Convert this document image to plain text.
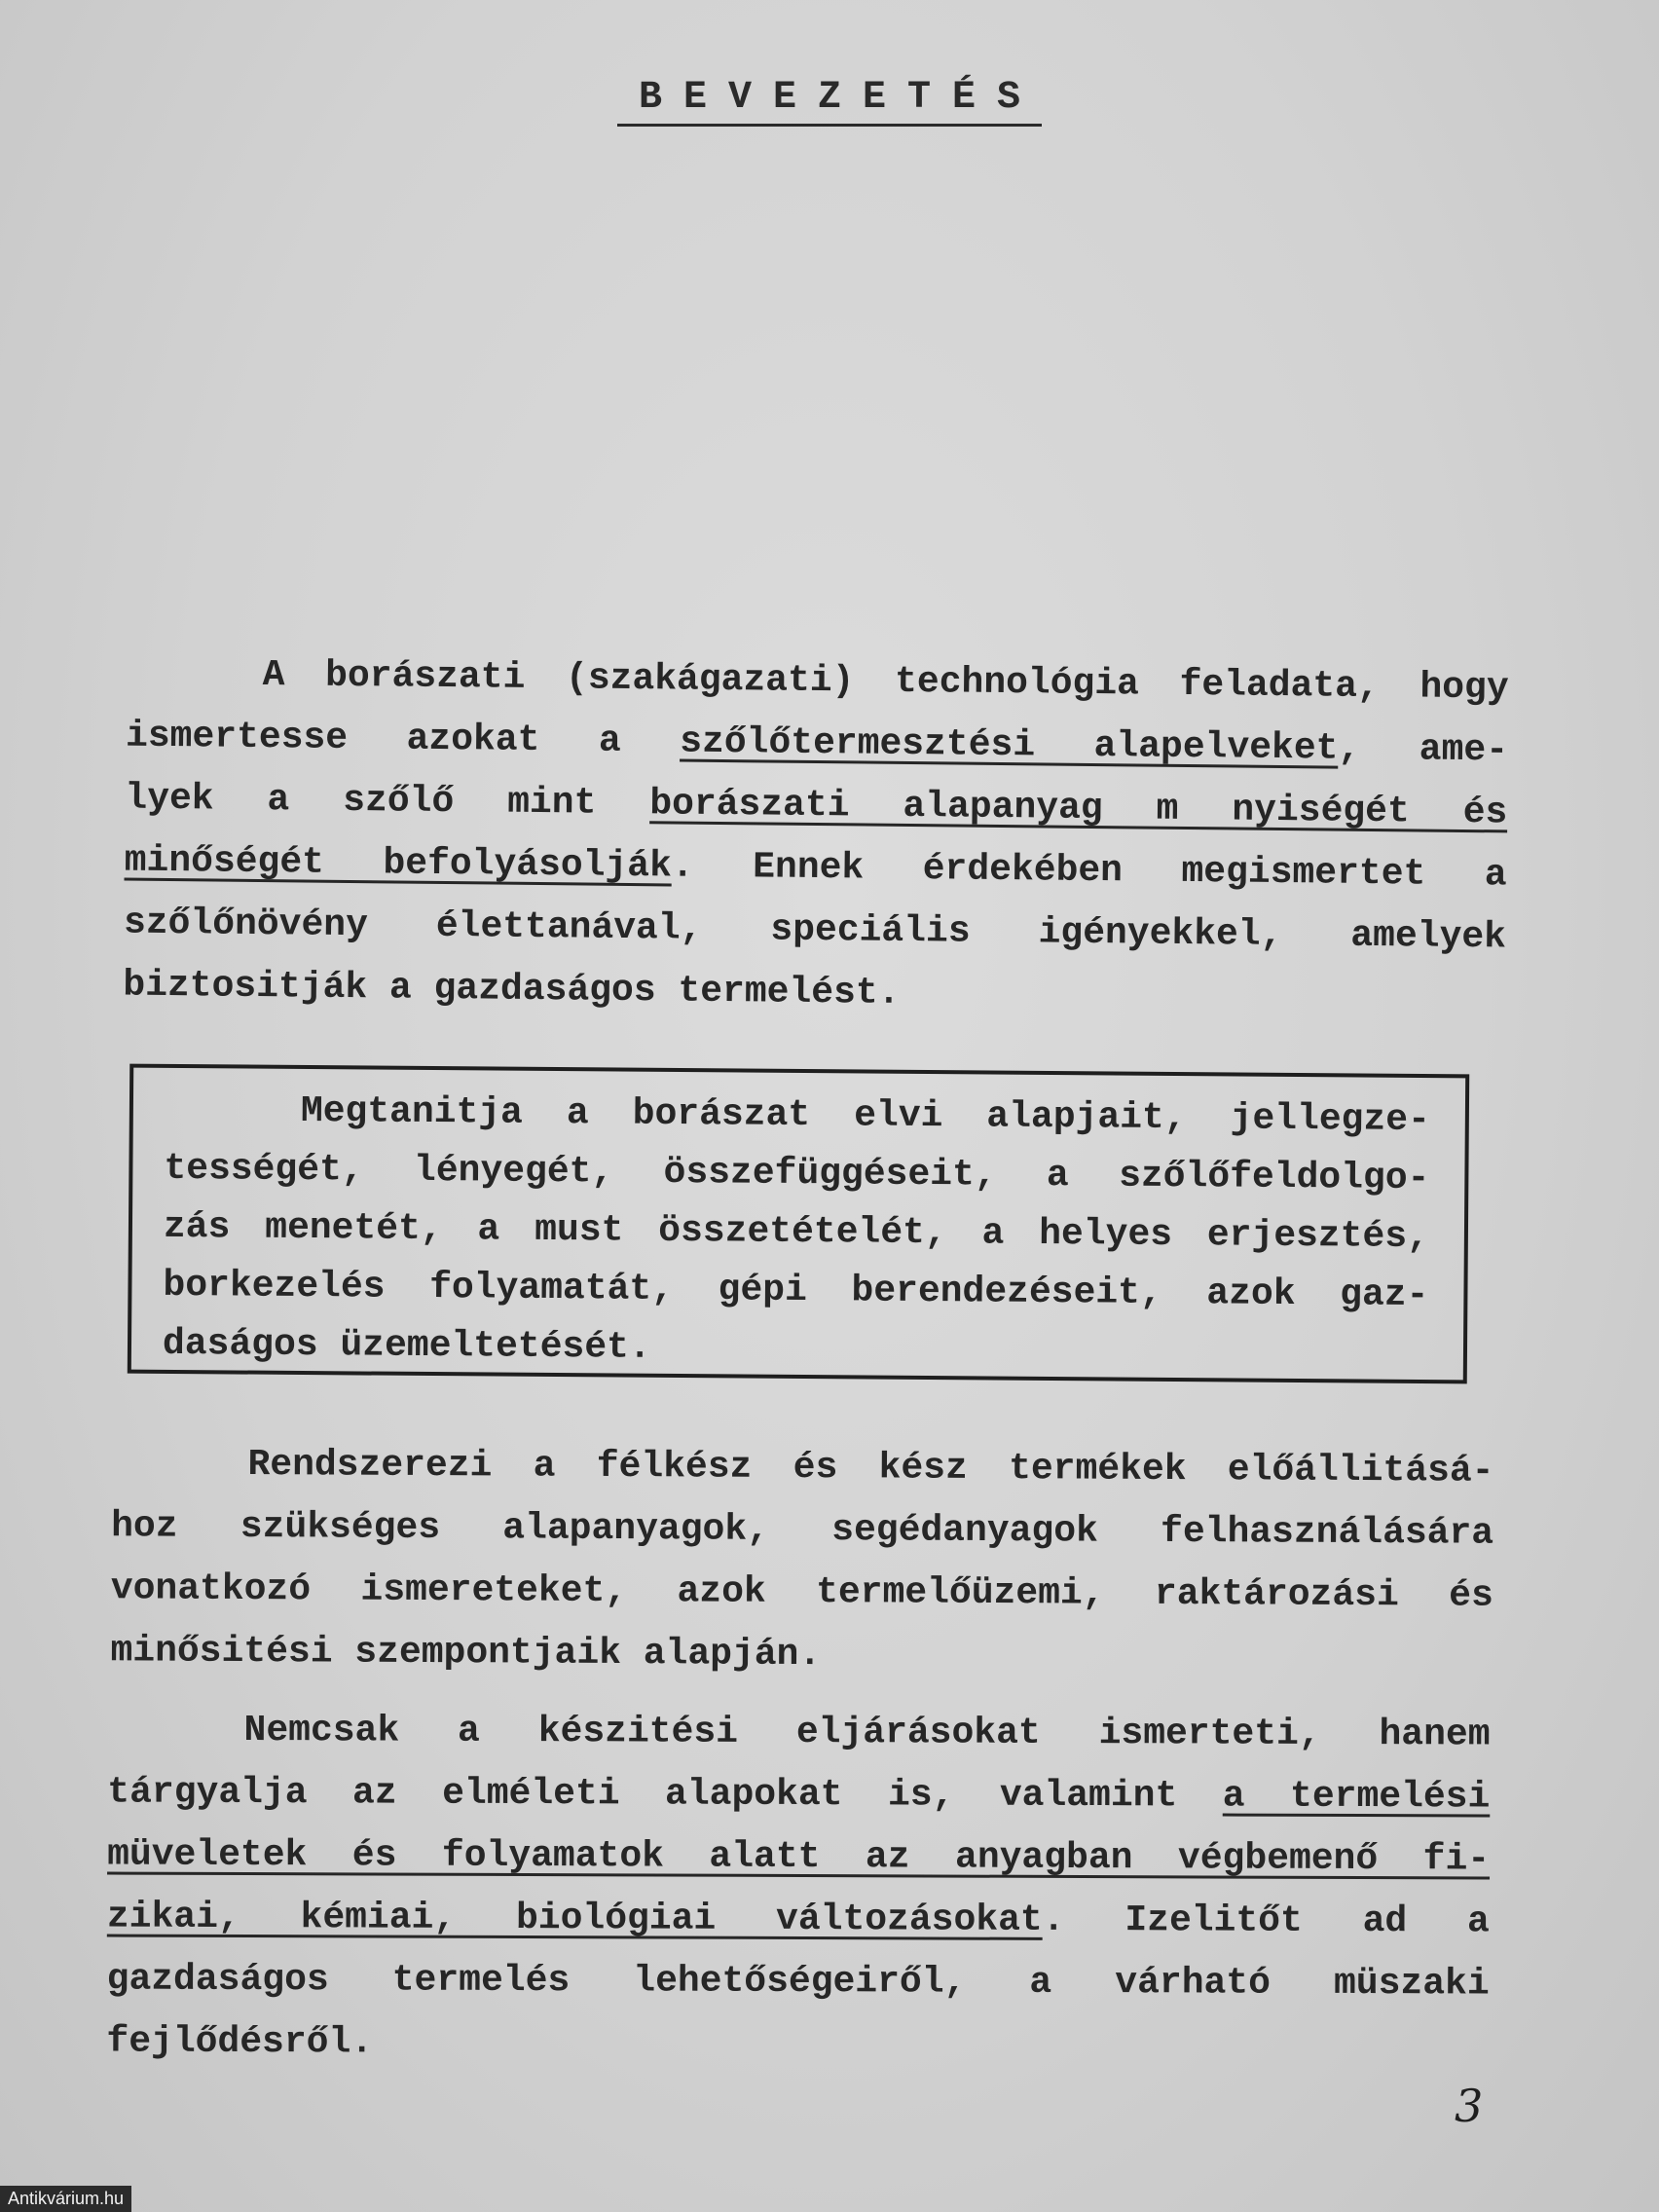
BEVEZETÉS
A borászati (szakágazati) technológia feladata, hogy
ismertesse azokat a szőlőtermesztési alapelveket, ame-
lyek a szőlő mint borászati alapanyag m nyiségét és
minőségét befolyásolják. Ennek érdekében megismertet a
szőlőnövény élettanával, speciális igényekkel, amelyek
biztositják a gazdaságos termelést.
Megtanitja a borászat elvi alapjait, jellegze-
tességét, lényegét, összefüggéseit, a szőlőfeldolgo-
zás menetét, a must összetételét, a helyes erjesztés,
borkezelés folyamatát, gépi berendezéseit, azok gaz-
daságos üzemeltetését.
Rendszerezi a félkész és kész termékek előállitásá-
hoz szükséges alapanyagok, segédanyagok felhasználására
vonatkozó ismereteket, azok termelőüzemi, raktározási és
minősitési szempontjaik alapján.
Nemcsak a készitési eljárásokat ismerteti, hanem
tárgyalja az elméleti alapokat is, valamint a termelési
müveletek és folyamatok alatt az anyagban végbemenő fi-
zikai, kémiai, biológiai változásokat. Izelitőt ad a
gazdaságos termelés lehetőségeiről, a várható müszaki
fejlődésről.
3
Antikvárium.hu
